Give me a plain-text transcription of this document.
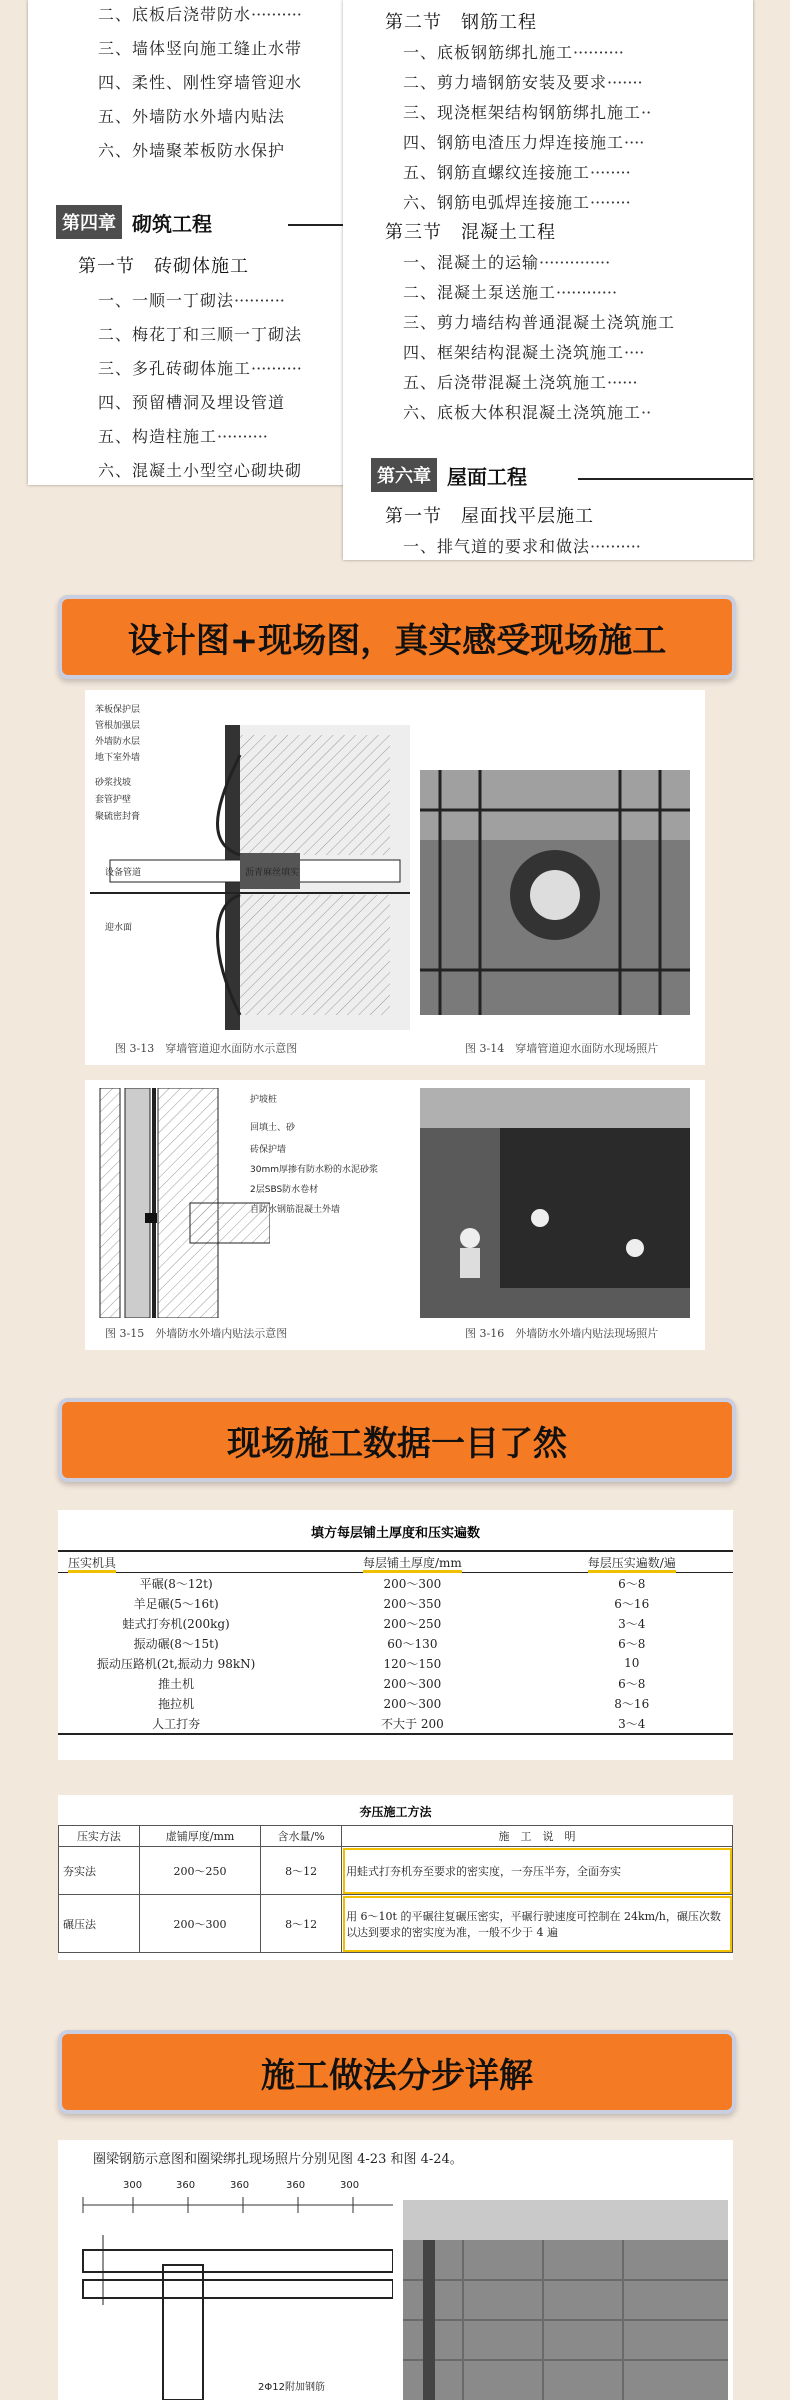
二、底板后浇带防水··········
三、墙体竖向施工缝止水带
四、柔性、刚性穿墙管迎水
五、外墙防水外墙内贴法
六、外墙聚苯板防水保护
第四章 砌筑工程
第一节　砖砌体施工
一、一顺一丁砌法··········
二、梅花丁和三顺一丁砌法
三、多孔砖砌体施工··········
四、预留槽洞及埋设管道
五、构造柱施工··········
六、混凝土小型空心砌块砌
第二节　钢筋工程
一、底板钢筋绑扎施工··········
二、剪力墙钢筋安装及要求·······
三、现浇框架结构钢筋绑扎施工··
四、钢筋电渣压力焊连接施工····
五、钢筋直螺纹连接施工········
六、钢筋电弧焊连接施工········
第三节　混凝土工程
一、混凝土的运输··············
二、混凝土泵送施工············
三、剪力墙结构普通混凝土浇筑施工
四、框架结构混凝土浇筑施工····
五、后浇带混凝土浇筑施工······
六、底板大体积混凝土浇筑施工··
第六章 屋面工程
第一节　屋面找平层施工
一、排气道的要求和做法··········
设计图+现场图，真实感受现场施工
苯板保护层
管根加强层
外墙防水层
地下室外墙
砂浆找坡
套管护壁
聚硫密封膏
设备管道	沥青麻丝填实
迎水面
图 3-13　穿墙管道迎水面防水示意图	图 3-14　穿墙管道迎水面防水现场照片
护坡桩
回填土、砂
砖保护墙
30mm厚掺有防水粉的水泥砂浆
2层SBS防水卷材
自防水钢筋混凝土外墙
图 3-15　外墙防水外墙内贴法示意图	图 3-16　外墙防水外墙内贴法现场照片
现场施工数据一目了然
填方每层铺土厚度和压实遍数
压实机具	每层铺土厚度/mm	每层压实遍数/遍
平碾(8～12t)	200～300	6～8
羊足碾(5～16t)	200～350	6～16
蛙式打夯机(200kg)	200～250	3～4
振动碾(8～15t)	60～130	6～8
振动压路机(2t,振动力 98kN)	120～150	10
推土机	200～300	6～8
拖拉机	200～300	8～16
人工打夯	不大于 200	3～4
夯压施工方法
压实方法	虚铺厚度/mm	含水量/%	施　工　说　明
夯实法	200～250	8～12	用蛙式打夯机夯至要求的密实度，一夯压半夯，全面夯实
碾压法	200～300	8～12	用 6～10t 的平碾往复碾压密实，平碾行驶速度可控制在 24km/h，碾压次数以达到要求的密实度为准，一般不少于 4 遍
施工做法分步详解
圈梁钢筋示意图和圈梁绑扎现场照片分别见图 4-23 和图 4-24。
300	360	360	360	300
2Φ12附加钢筋
